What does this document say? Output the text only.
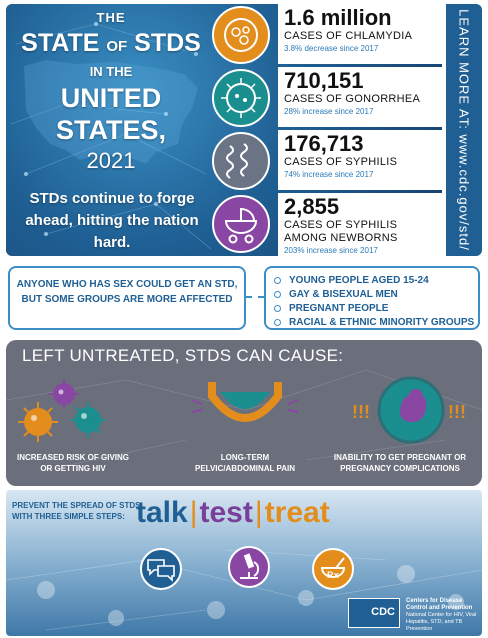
THE
STATE OF STDS
IN THE
UNITED STATES,
2021
STDs continue to forge ahead, hitting the nation hard.
1.6 million
CASES OF CHLAMYDIA
3.8% decrease since 2017
710,151
CASES OF GONORRHEA
28% increase since 2017
176,713
CASES OF SYPHILIS
74% increase since 2017
2,855
CASES OF SYPHILIS AMONG NEWBORNS
203% increase since 2017	LEARN MORE AT: www.cdc.gov/std/
ANYONE WHO HAS SEX COULD GET AN STD, BUT SOME GROUPS ARE MORE AFFECTED
YOUNG PEOPLE AGED 15-24
GAY & BISEXUAL MEN
PREGNANT PEOPLE
RACIAL & ETHNIC MINORITY GROUPS
LEFT UNTREATED, STDS CAN CAUSE:
!!!	!!!
INCREASED RISK OF GIVING OR GETTING HIV
LONG-TERM PELVIC/ABDOMINAL PAIN
INABILITY TO GET PREGNANT OR PREGNANCY COMPLICATIONS
PREVENT THE SPREAD OF STDS WITH THREE SIMPLE STEPS: talk|test|treat
Rx
CDC
Centers for Disease Control and Prevention
National Center for HIV, Viral Hepatitis, STD, and TB Prevention
